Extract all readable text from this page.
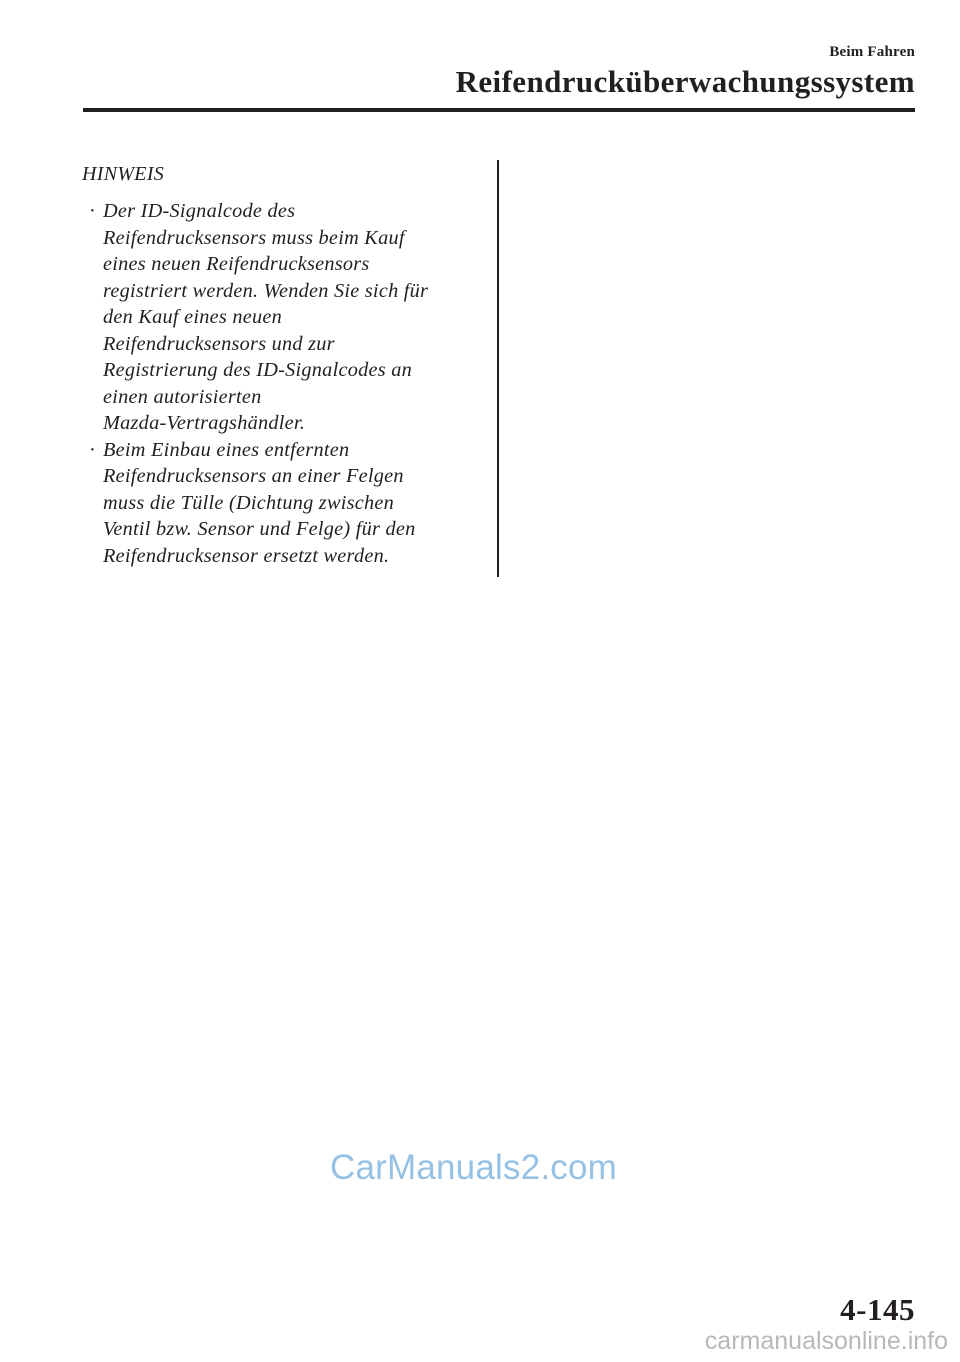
Beim Fahren
Reifendrucküberwachungssystem
HINWEIS
· Der ID-Signalcode des
Reifendrucksensors muss beim Kauf
eines neuen Reifendrucksensors
registriert werden. Wenden Sie sich für
den Kauf eines neuen
Reifendrucksensors und zur
Registrierung des ID-Signalcodes an
einen autorisierten
Mazda-Vertragshändler.
· Beim Einbau eines entfernten
Reifendrucksensors an einer Felgen
muss die Tülle (Dichtung zwischen
Ventil bzw. Sensor und Felge) für den
Reifendrucksensor ersetzt werden.
CarManuals2.com
4-145
carmanualsonline.info
